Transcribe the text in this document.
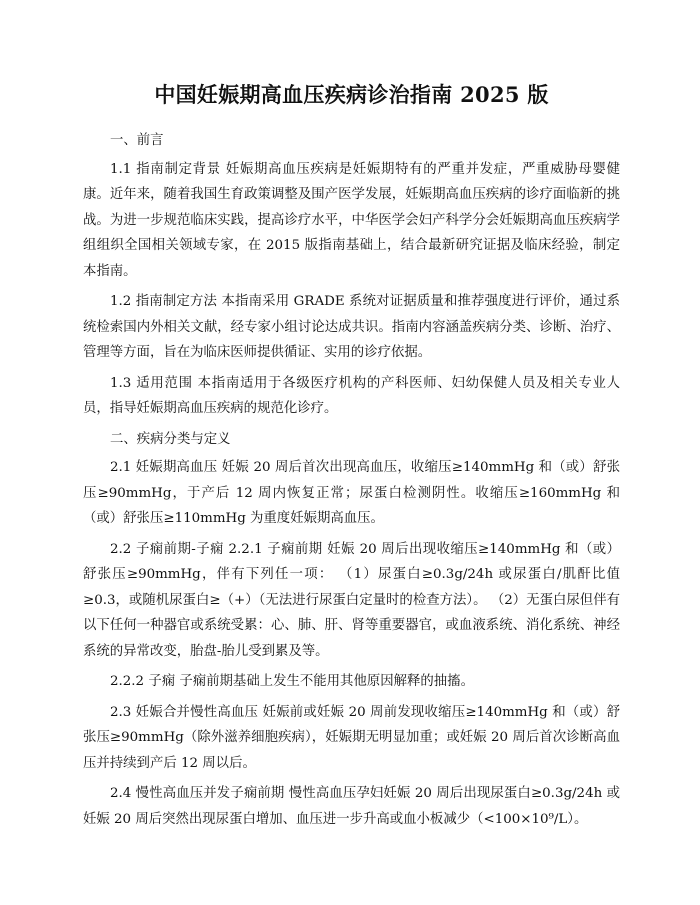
中国妊娠期高血压疾病诊治指南 2025 版

一、前言

1.1 指南制定背景 妊娠期高血压疾病是妊娠期特有的严重并发症，严重威胁母婴健康。近年来，随着我国生育政策调整及围产医学发展，妊娠期高血压疾病的诊疗面临新的挑战。为进一步规范临床实践，提高诊疗水平，中华医学会妇产科学分会妊娠期高血压疾病学组组织全国相关领域专家，在 2015 版指南基础上，结合最新研究证据及临床经验，制定本指南。

1.2 指南制定方法 本指南采用 GRADE 系统对证据质量和推荐强度进行评价，通过系统检索国内外相关文献，经专家小组讨论达成共识。指南内容涵盖疾病分类、诊断、治疗、管理等方面，旨在为临床医师提供循证、实用的诊疗依据。

1.3 适用范围 本指南适用于各级医疗机构的产科医师、妇幼保健人员及相关专业人员，指导妊娠期高血压疾病的规范化诊疗。

二、疾病分类与定义

2.1 妊娠期高血压 妊娠 20 周后首次出现高血压，收缩压≥140mmHg 和（或）舒张压≥90mmHg，于产后 12 周内恢复正常；尿蛋白检测阴性。收缩压≥160mmHg 和（或）舒张压≥110mmHg 为重度妊娠期高血压。

2.2 子痫前期-子痫 2.2.1 子痫前期 妊娠 20 周后出现收缩压≥140mmHg 和（或）舒张压≥90mmHg，伴有下列任一项： （1）尿蛋白≥0.3g/24h 或尿蛋白/肌酐比值≥0.3，或随机尿蛋白≥（+）（无法进行尿蛋白定量时的检查方法）。 （2）无蛋白尿但伴有以下任何一种器官或系统受累：心、肺、肝、肾等重要器官，或血液系统、消化系统、神经系统的异常改变，胎盘-胎儿受到累及等。

2.2.2 子痫 子痫前期基础上发生不能用其他原因解释的抽搐。

2.3 妊娠合并慢性高血压 妊娠前或妊娠 20 周前发现收缩压≥140mmHg 和（或）舒张压≥90mmHg（除外滋养细胞疾病），妊娠期无明显加重；或妊娠 20 周后首次诊断高血压并持续到产后 12 周以后。

2.4 慢性高血压并发子痫前期 慢性高血压孕妇妊娠 20 周后出现尿蛋白≥0.3g/24h 或妊娠 20 周后突然出现尿蛋白增加、血压进一步升高或血小板减少（<100×10⁹/L）。
